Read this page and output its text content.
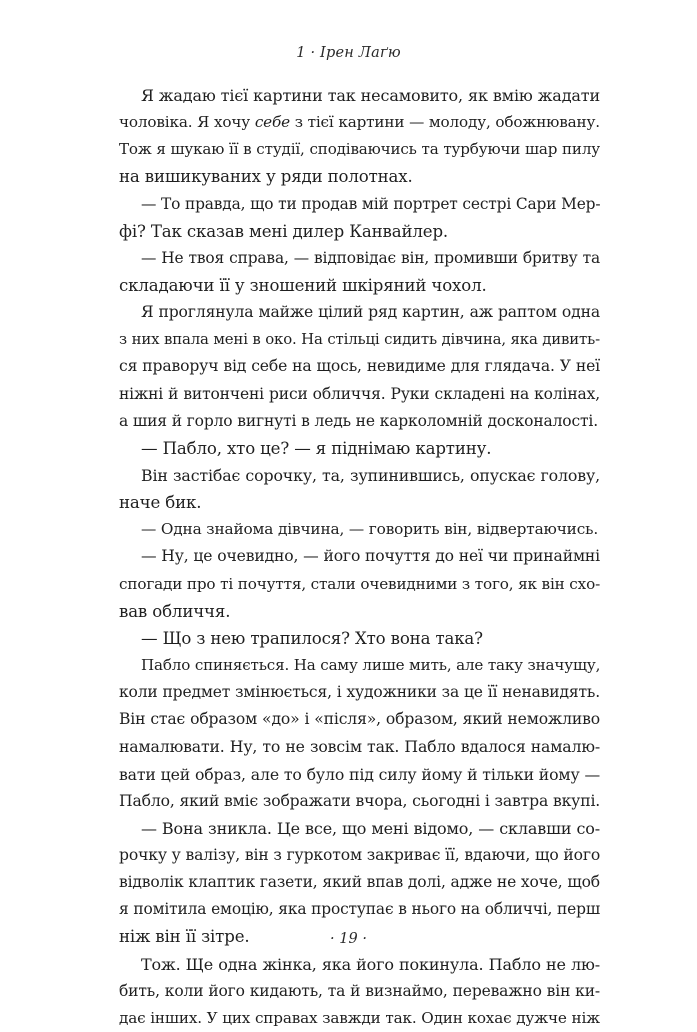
1 · Ірен Лаґю
Я жадаю тієї картини так несамовито, як вмію жадати
чоловіка. Я хочу себе з тієї картини — молоду, обожнювану.
Тож я шукаю її в студії, сподіваючись та турбуючи шар пилу
на вишикуваних у ряди полотнах.
— То правда, що ти продав мій портрет сестрі Сари Мер-
фі? Так сказав мені дилер Канвайлер.
— Не твоя справа, — відповідає він, промивши бритву та
складаючи її у зношений шкіряний чохол.
Я проглянула майже цілий ряд картин, аж раптом одна
з них впала мені в око. На стільці сидить дівчина, яка дивить-
ся праворуч від себе на щось, невидиме для глядача. У неї
ніжні й витончені риси обличчя. Руки складені на колінах,
а шия й горло вигнуті в ледь не карколомній досконалості.
— Пабло, хто це? — я піднімаю картину.
Він застібає сорочку, та, зупинившись, опускає голову,
наче бик.
— Одна знайома дівчина, — говорить він, відвертаючись.
— Ну, це очевидно, — його почуття до неї чи принаймні
спогади про ті почуття, стали очевидними з того, як він схо-
вав обличчя.
— Що з нею трапилося? Хто вона така?
Пабло спиняється. На саму лише мить, але таку значущу,
коли предмет змінюється, і художники за це її ненавидять.
Він стає образом «до» і «після», образом, який неможливо
намалювати. Ну, то не зовсім так. Пабло вдалося намалю-
вати цей образ, але то було під силу йому й тільки йому —
Пабло, який вміє зображати вчора, сьогодні і завтра вкупі.
— Вона зникла. Це все, що мені відомо, — склавши со-
рочку у валізу, він з гуркотом закриває її, вдаючи, що його
відволік клаптик газети, який впав долі, адже не хоче, щоб
я помітила емоцію, яка проступає в нього на обличчі, перш
ніж він її зітре.
Тож. Ще одна жінка, яка його покинула. Пабло не лю-
бить, коли його кидають, та й визнаймо, переважно він ки-
дає інших. У цих справах завжди так. Один кохає дужче ніж
· 19 ·
